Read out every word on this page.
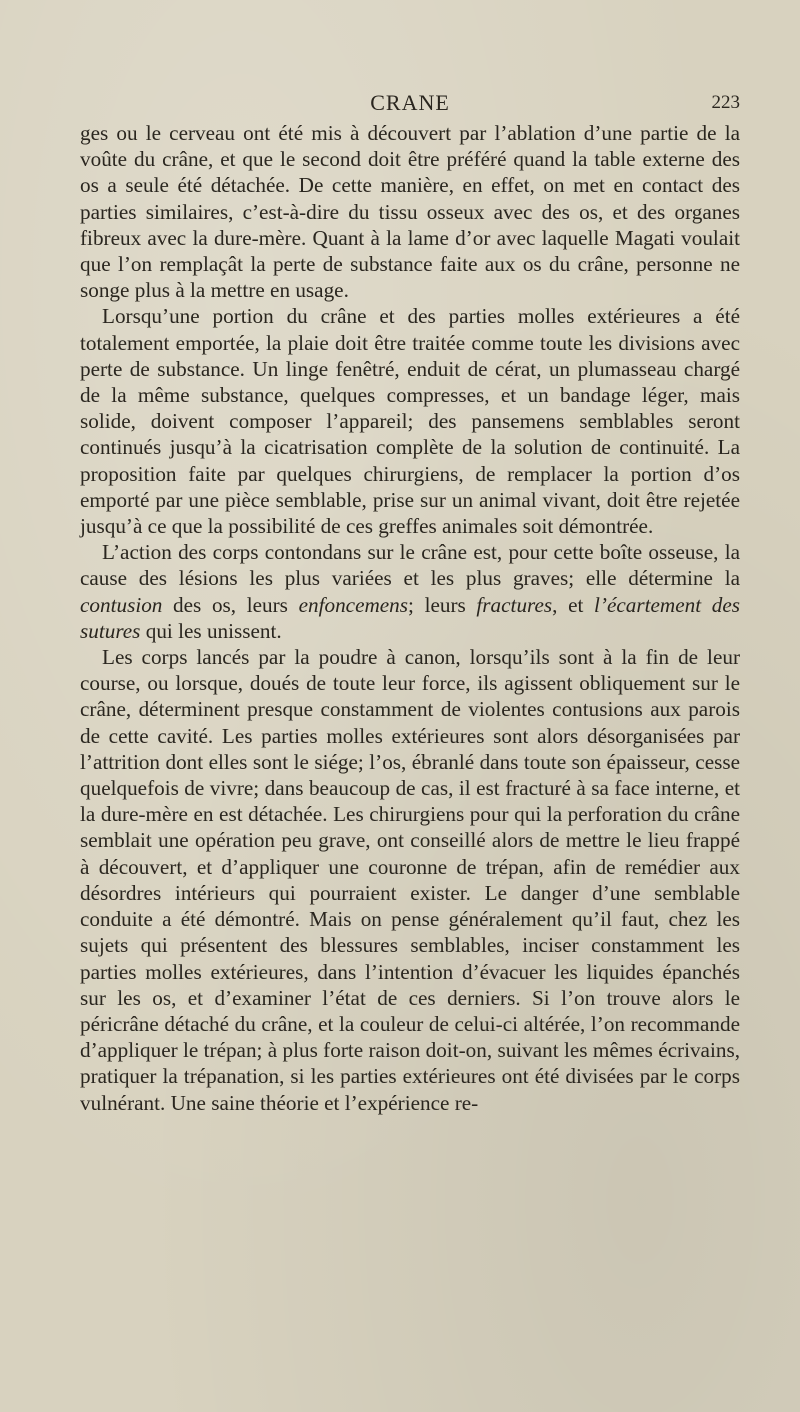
CRANE	223

ges ou le cerveau ont été mis à découvert par l’ablation d’une partie de la voûte du crâne, et que le second doit être préféré quand la table externe des os a seule été détachée. De cette manière, en effet, on met en contact des parties similaires, c’est-à-dire du tissu osseux avec des os, et des organes fibreux avec la dure-mère. Quant à la lame d’or avec laquelle Magati voulait que l’on remplaçât la perte de substance faite aux os du crâne, personne ne songe plus à la mettre en usage.

Lorsqu’une portion du crâne et des parties molles extérieures a été totalement emportée, la plaie doit être traitée comme toute les divisions avec perte de substance. Un linge fenêtré, enduit de cérat, un plumasseau chargé de la même substance, quelques compresses, et un bandage léger, mais solide, doivent composer l’appareil; des pansemens semblables seront continués jusqu’à la cicatrisation complète de la solution de continuité. La proposition faite par quelques chirurgiens, de remplacer la portion d’os emporté par une pièce semblable, prise sur un animal vivant, doit être rejetée jusqu’à ce que la possibilité de ces greffes animales soit démontrée.

L’action des corps contondans sur le crâne est, pour cette boîte osseuse, la cause des lésions les plus variées et les plus graves; elle détermine la contusion des os, leurs enfoncemens; leurs fractures, et l’écartement des sutures qui les unissent.

Les corps lancés par la poudre à canon, lorsqu’ils sont à la fin de leur course, ou lorsque, doués de toute leur force, ils agissent obliquement sur le crâne, déterminent presque constamment de violentes contusions aux parois de cette cavité. Les parties molles extérieures sont alors désorganisées par l’attrition dont elles sont le siége; l’os, ébranlé dans toute son épaisseur, cesse quelquefois de vivre; dans beaucoup de cas, il est fracturé à sa face interne, et la dure-mère en est détachée. Les chirurgiens pour qui la perforation du crâne semblait une opération peu grave, ont conseillé alors de mettre le lieu frappé à découvert, et d’appliquer une couronne de trépan, afin de remédier aux désordres intérieurs qui pourraient exister. Le danger d’une semblable conduite a été démontré. Mais on pense généralement qu’il faut, chez les sujets qui présentent des blessures semblables, inciser constamment les parties molles extérieures, dans l’intention d’évacuer les liquides épanchés sur les os, et d’examiner l’état de ces derniers. Si l’on trouve alors le péricrâne détaché du crâne, et la couleur de celui-ci altérée, l’on recommande d’appliquer le trépan; à plus forte raison doit-on, suivant les mêmes écrivains, pratiquer la trépanation, si les parties extérieures ont été divisées par le corps vulnérant. Une saine théorie et l’expérience re-
